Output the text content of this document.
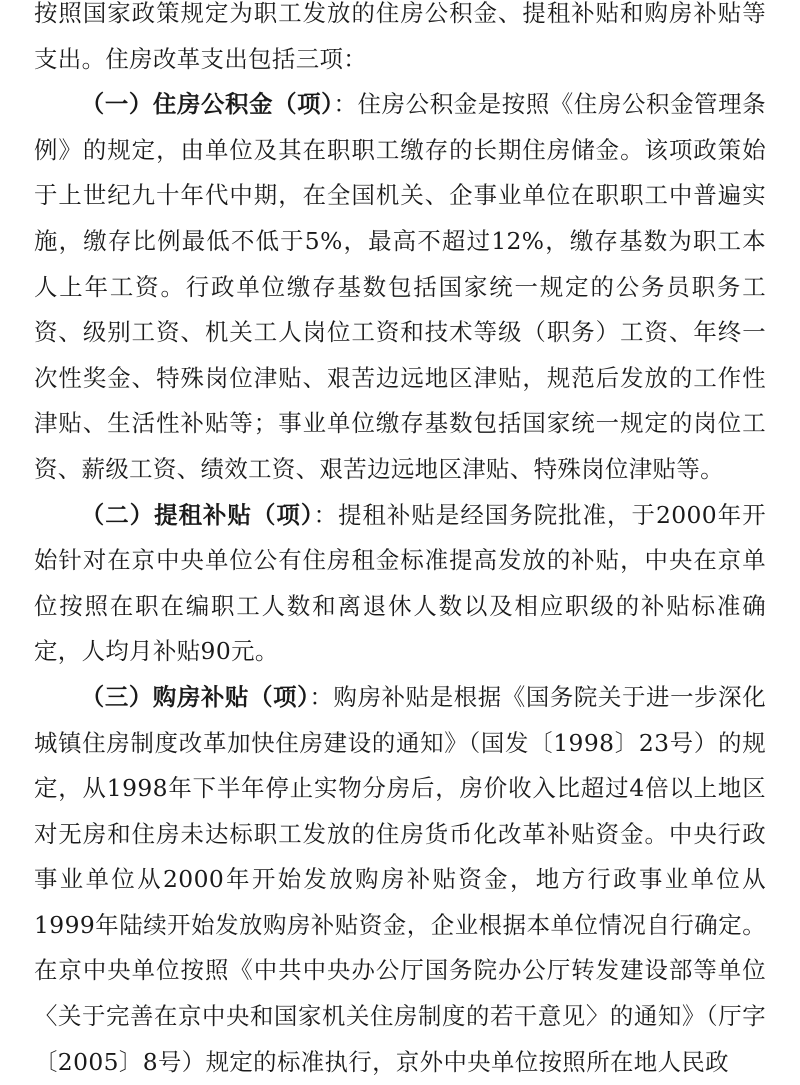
按照国家政策规定为职工发放的住房公积金、提租补贴和购房补贴等支出。住房改革支出包括三项：

（一）住房公积金（项）：住房公积金是按照《住房公积金管理条例》的规定，由单位及其在职职工缴存的长期住房储金。该项政策始于上世纪九十年代中期，在全国机关、企事业单位在职职工中普遍实施，缴存比例最低不低于5%，最高不超过12%，缴存基数为职工本人上年工资。行政单位缴存基数包括国家统一规定的公务员职务工资、级别工资、机关工人岗位工资和技术等级（职务）工资、年终一次性奖金、特殊岗位津贴、艰苦边远地区津贴，规范后发放的工作性津贴、生活性补贴等；事业单位缴存基数包括国家统一规定的岗位工资、薪级工资、绩效工资、艰苦边远地区津贴、特殊岗位津贴等。

（二）提租补贴（项）：提租补贴是经国务院批准，于2000年开始针对在京中央单位公有住房租金标准提高发放的补贴，中央在京单位按照在职在编职工人数和离退休人数以及相应职级的补贴标准确定，人均月补贴90元。

（三）购房补贴（项）：购房补贴是根据《国务院关于进一步深化城镇住房制度改革加快住房建设的通知》（国发〔1998〕23号）的规定，从1998年下半年停止实物分房后，房价收入比超过4倍以上地区对无房和住房未达标职工发放的住房货币化改革补贴资金。中央行政事业单位从2000年开始发放购房补贴资金，地方行政事业单位从1999年陆续开始发放购房补贴资金，企业根据本单位情况自行确定。在京中央单位按照《中共中央办公厅国务院办公厅转发建设部等单位〈关于完善在京中央和国家机关住房制度的若干意见〉的通知》（厅字〔2005〕8号）规定的标准执行，京外中央单位按照所在地人民政
